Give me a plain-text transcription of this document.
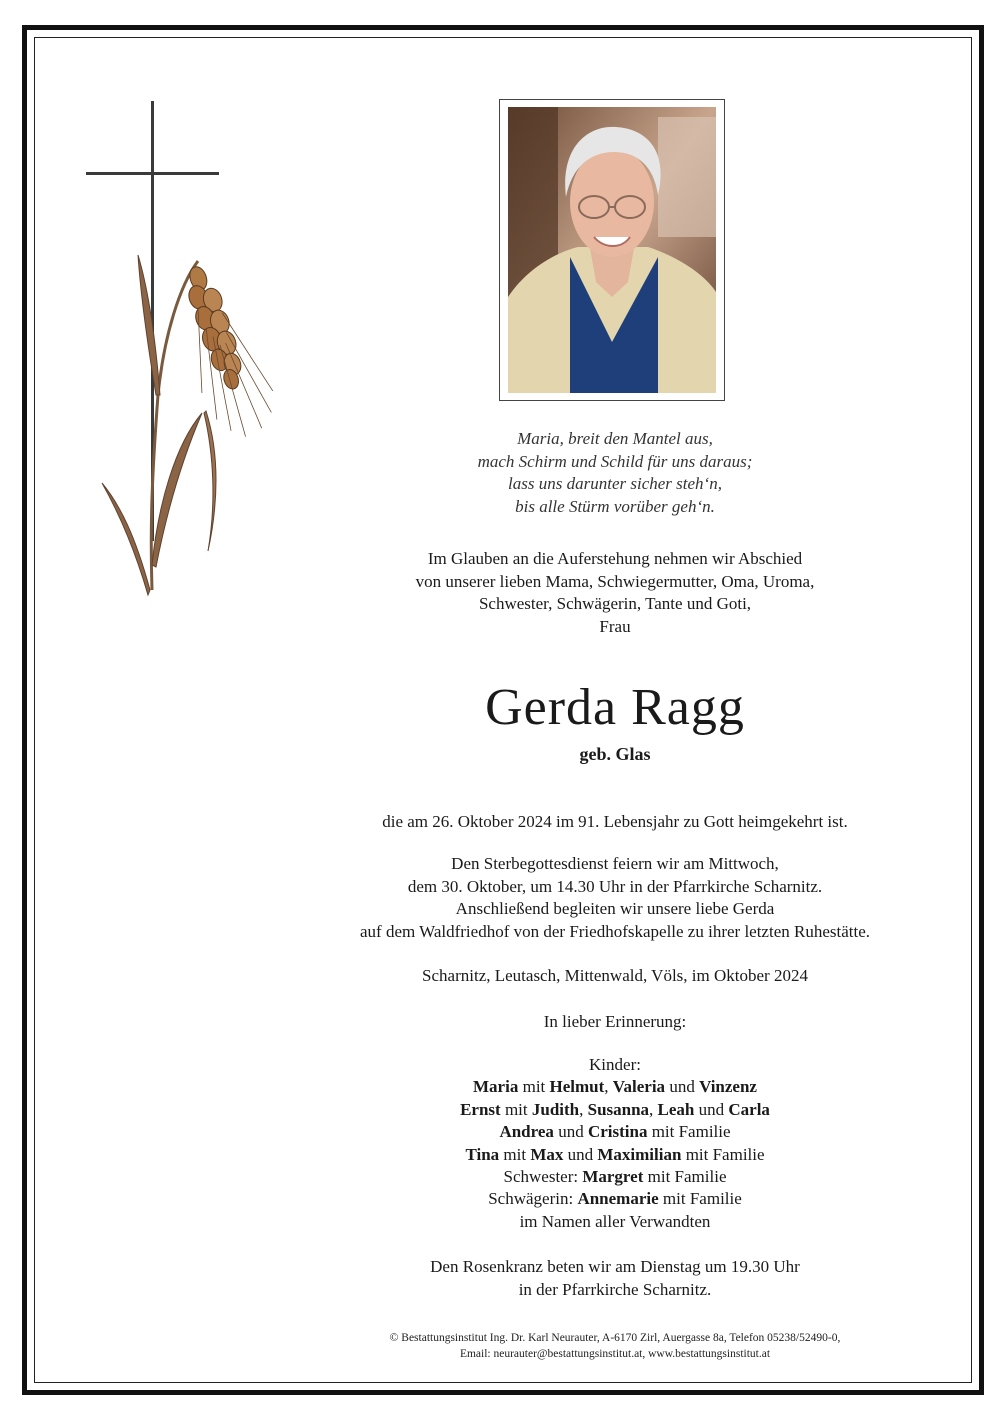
Maria, breit den Mantel aus,
mach Schirm und Schild für uns daraus;
lass uns darunter sicher steh‘n,
bis alle Stürm vorüber geh‘n.
Im Glauben an die Auferstehung nehmen wir Abschied
von unserer lieben Mama, Schwiegermutter, Oma, Uroma,
Schwester, Schwägerin, Tante und Goti,
Frau
Gerda Ragg
geb. Glas
die am 26. Oktober 2024 im 91. Lebensjahr zu Gott heimgekehrt ist.
Den Sterbegottesdienst feiern wir am Mittwoch,
dem 30. Oktober, um 14.30 Uhr in der Pfarrkirche Scharnitz.
Anschließend begleiten wir unsere liebe Gerda
auf dem Waldfriedhof von der Friedhofskapelle zu ihrer letzten Ruhestätte.
Scharnitz, Leutasch, Mittenwald, Völs, im Oktober 2024
In lieber Erinnerung:
Kinder:
Maria mit Helmut, Valeria und Vinzenz
Ernst mit Judith, Susanna, Leah und Carla
Andrea und Cristina mit Familie
Tina mit Max und Maximilian mit Familie
Schwester: Margret mit Familie
Schwägerin: Annemarie mit Familie
im Namen aller Verwandten
Den Rosenkranz beten wir am Dienstag um 19.30 Uhr
in der Pfarrkirche Scharnitz.
© Bestattungsinstitut Ing. Dr. Karl Neurauter, A-6170 Zirl, Auergasse 8a, Telefon 05238/52490-0,
Email: neurauter@bestattungsinstitut.at, www.bestattungsinstitut.at
